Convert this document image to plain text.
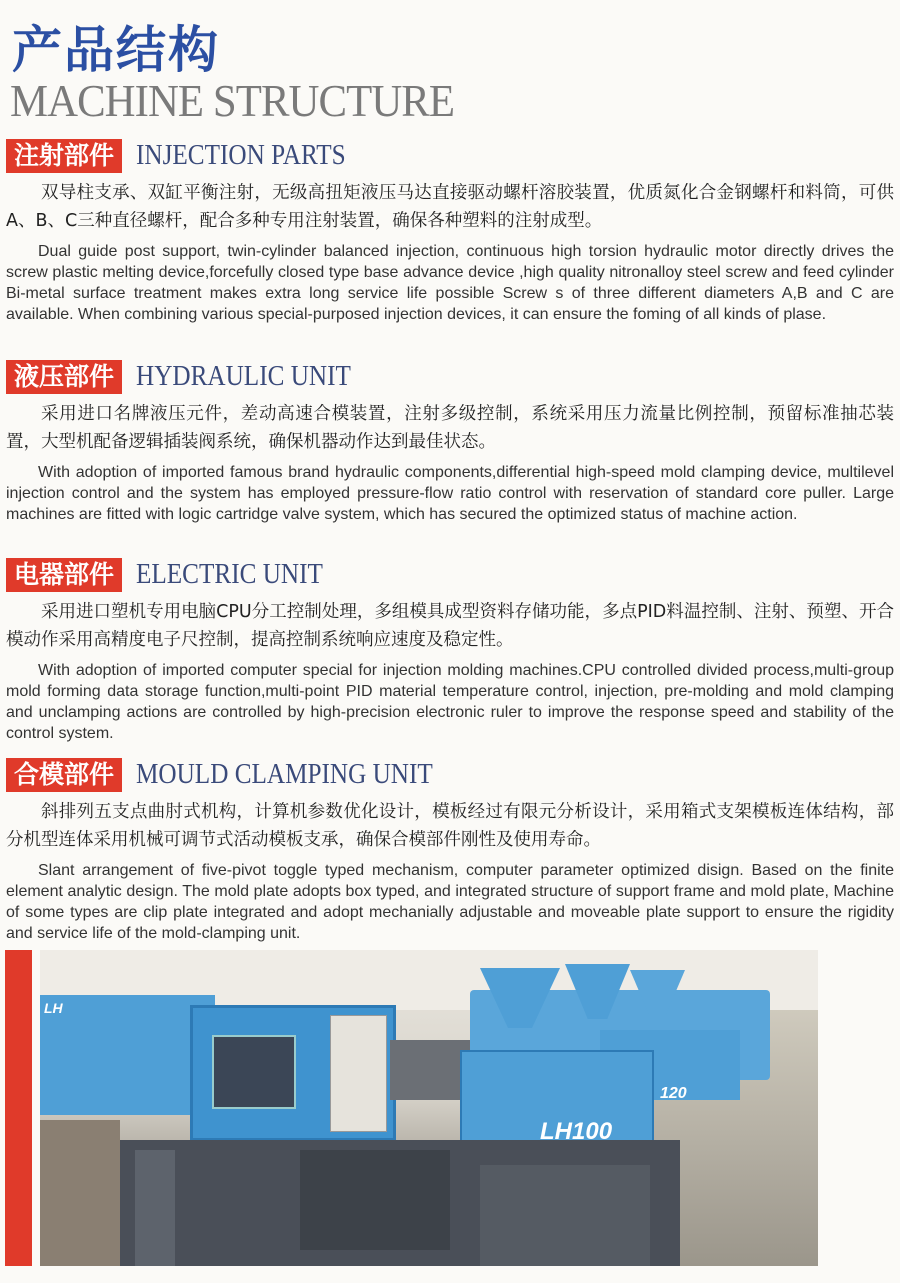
产品结构
MACHINE STRUCTURE
注射部件 INJECTION PARTS

双导柱支承、双缸平衡注射，无级高扭矩液压马达直接驱动螺杆溶胶装置，优质氮化合金钢螺杆和料筒，可供A、B、C三种直径螺杆，配合多种专用注射装置，确保各种塑料的注射成型。

Dual guide post support, twin-cylinder balanced injection, continuous high torsion hydraulic motor directly drives the screw plastic melting device,forcefully closed type base advance device ,high quality nitronalloy steel screw and feed cylinder Bi-metal surface treatment makes extra long service life possible Screw s of three different diameters A,B and C are available. When combining various special-purposed injection devices, it can ensure the foming of all kinds of plase.

液压部件 HYDRAULIC UNIT

采用进口名牌液压元件，差动高速合模装置，注射多级控制，系统采用压力流量比例控制，预留标准抽芯装置，大型机配备逻辑插装阀系统，确保机器动作达到最佳状态。

With adoption of imported famous brand hydraulic components,differential high-speed mold clamping device, multilevel injection control and the system has employed pressure-flow ratio control with reservation of standard core puller. Large machines are fitted with logic cartridge valve system, which has secured the optimized status of machine action.

电器部件 ELECTRIC UNIT

采用进口塑机专用电脑CPU分工控制处理，多组模具成型资料存储功能，多点PID料温控制、注射、预塑、开合模动作采用高精度电子尺控制，提高控制系统响应速度及稳定性。

With adoption of imported computer special for injection molding machines.CPU controlled divided process,multi-group mold forming data storage function,multi-point PID material temperature control, injection, pre-molding and mold clamping and unclamping actions are controlled by high-precision electronic ruler to improve the response speed and stability of the control system.

合模部件 MOULD CLAMPING UNIT

斜排列五支点曲肘式机构，计算机参数优化设计，模板经过有限元分析设计，采用箱式支架模板连体结构，部分机型连体采用机械可调节式活动模板支承，确保合模部件刚性及使用寿命。

Slant arrangement of five-pivot toggle typed mechanism, computer parameter optimized disign. Based on the finite element analytic design. The mold plate adopts box typed, and integrated structure of support frame and mold plate, Machine of some types are clip plate integrated and adopt mechanially adjustable and moveable plate support to ensure the rigidity and service life of the mold-clamping unit.

120
LH
LH100
